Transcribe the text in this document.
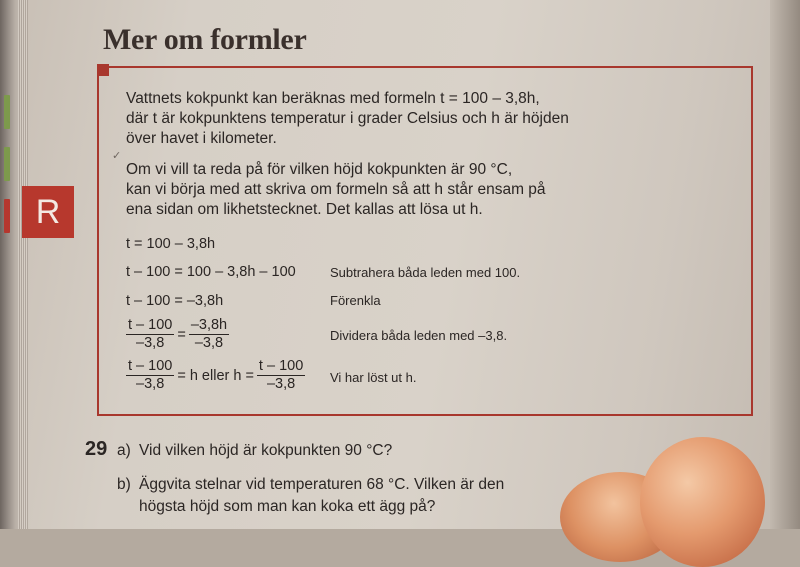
R
Mer om formler
✓
Vattnets kokpunkt kan beräknas med formeln t = 100 – 3,8h,
där t är kokpunktens temperatur i grader Celsius och h är höjden
över havet i kilometer.
Om vi vill ta reda på för vilken höjd kokpunkten är 90 °C,
kan vi börja med att skriva om formeln så att h står ensam på
ena sidan om likhetstecknet. Det kallas att lösa ut h.
t = 100 – 3,8h
t – 100 = 100 – 3,8h – 100	Subtrahera båda leden med 100.
t – 100 = –3,8h	Förenkla
$\frac{t - 100}{-3,8} = \frac{-3,8h}{-3,8}$	Dividera båda leden med –3,8.
$\frac{t - 100}{-3,8} = h$ eller $h = \frac{t - 100}{-3,8}$ Vi har löst ut h.
29 a) Vid vilken höjd är kokpunkten 90 °C?
b) Äggvita stelnar vid temperaturen 68 °C. Vilken är den
högsta höjd som man kan koka ett ägg på?
